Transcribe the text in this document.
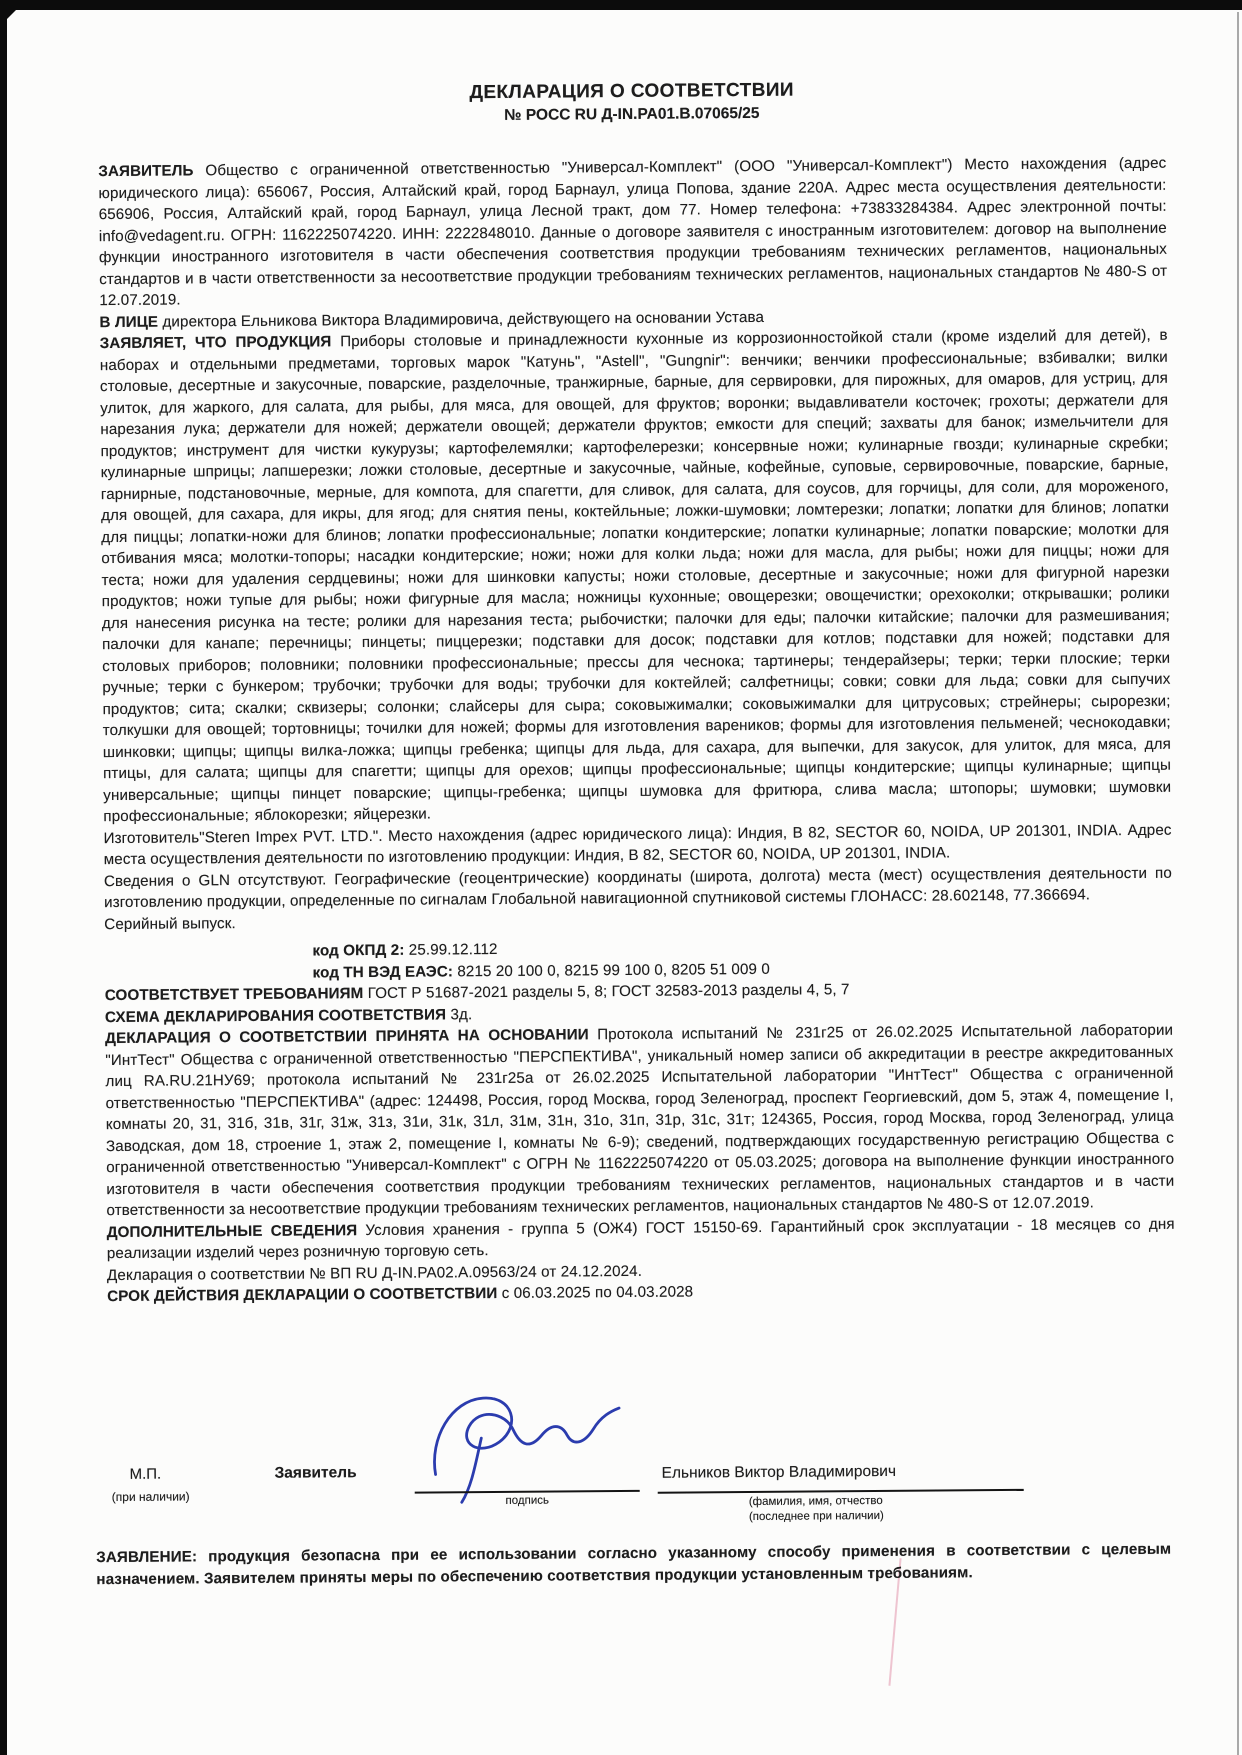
ДЕКЛАРАЦИЯ О СООТВЕТСТВИИ
№ РОСС RU Д-IN.PA01.B.07065/25

ЗАЯВИТЕЛЬ Общество с ограниченной ответственностью "Универсал-Комплект" (ООО "Универсал-Комплект") Место нахождения (адрес юридического лица): 656067, Россия, Алтайский край, город Барнаул, улица Попова, здание 220А. Адрес места осуществления деятельности: 656906, Россия, Алтайский край, город Барнаул, улица Лесной тракт, дом 77. Номер телефона: +73833284384. Адрес электронной почты: info@vedagent.ru. ОГРН: 1162225074220. ИНН: 2222848010. Данные о договоре заявителя с иностранным изготовителем: договор на выполнение функции иностранного изготовителя в части обеспечения соответствия продукции требованиям технических регламентов, национальных стандартов и в части ответственности за несоответствие продукции требованиям технических регламентов, национальных стандартов № 480-S от 12.07.2019.

В ЛИЦЕ директора Ельникова Виктора Владимировича, действующего на основании Устава

ЗАЯВЛЯЕТ, ЧТО ПРОДУКЦИЯ Приборы столовые и принадлежности кухонные из коррозионностойкой стали (кроме изделий для детей), в наборах и отдельными предметами, торговых марок "Катунь", "Astell", "Gungnir": венчики; венчики профессиональные; взбивалки; вилки столовые, десертные и закусочные, поварские, разделочные, транжирные, барные, для сервировки, для пирожных, для омаров, для устриц, для улиток, для жаркого, для салата, для рыбы, для мяса, для овощей, для фруктов; воронки; выдавливатели косточек; грохоты; держатели для нарезания лука; держатели для ножей; держатели овощей; держатели фруктов; емкости для специй; захваты для банок; измельчители для продуктов; инструмент для чистки кукурузы; картофелемялки; картофелерезки; консервные ножи; кулинарные гвозди; кулинарные скребки; кулинарные шприцы; лапшерезки; ложки столовые, десертные и закусочные, чайные, кофейные, суповые, сервировочные, поварские, барные, гарнирные, подстановочные, мерные, для компота, для спагетти, для сливок, для салата, для соусов, для горчицы, для соли, для мороженого, для овощей, для сахара, для икры, для ягод; для снятия пены, коктейльные; ложки-шумовки; ломтерезки; лопатки; лопатки для блинов; лопатки для пиццы; лопатки-ножи для блинов; лопатки профессиональные; лопатки кондитерские; лопатки кулинарные; лопатки поварские; молотки для отбивания мяса; молотки-топоры; насадки кондитерские; ножи; ножи для колки льда; ножи для масла, для рыбы; ножи для пиццы; ножи для теста; ножи для удаления сердцевины; ножи для шинковки капусты; ножи столовые, десертные и закусочные; ножи для фигурной нарезки продуктов; ножи тупые для рыбы; ножи фигурные для масла; ножницы кухонные; овощерезки; овощечистки; орехоколки; открывашки; ролики для нанесения рисунка на тесте; ролики для нарезания теста; рыбочистки; палочки для еды; палочки китайские; палочки для размешивания; палочки для канапе; перечницы; пинцеты; пиццерезки; подставки для досок; подставки для котлов; подставки для ножей; подставки для столовых приборов; половники; половники профессиональные; прессы для чеснока; тартинеры; тендерайзеры; терки; терки плоские; терки ручные; терки с бункером; трубочки; трубочки для воды; трубочки для коктейлей; салфетницы; совки; совки для льда; совки для сыпучих продуктов; сита; скалки; сквизеры; солонки; слайсеры для сыра; соковыжималки; соковыжималки для цитрусовых; стрейнеры; сырорезки; толкушки для овощей; тортовницы; точилки для ножей; формы для изготовления вареников; формы для изготовления пельменей; чеснокодавки; шинковки; щипцы; щипцы вилка-ложка; щипцы гребенка; щипцы для льда, для сахара, для выпечки, для закусок, для улиток, для мяса, для птицы, для салата; щипцы для спагетти; щипцы для орехов; щипцы профессиональные; щипцы кондитерские; щипцы кулинарные; щипцы универсальные; щипцы пинцет поварские; щипцы-гребенка; щипцы шумовка для фритюра, слива масла; штопоры; шумовки; шумовки профессиональные; яблокорезки; яйцерезки.

Изготовитель"Steren Impex PVT. LTD.". Место нахождения (адрес юридического лица): Индия, B 82, SECTOR 60, NOIDA, UP 201301, INDIA. Адрес места осуществления деятельности по изготовлению продукции: Индия, B 82, SECTOR 60, NOIDA, UP 201301, INDIA.

Сведения о GLN отсутствуют. Географические (геоцентрические) координаты (широта, долгота) места (мест) осуществления деятельности по изготовлению продукции, определенные по сигналам Глобальной навигационной спутниковой системы ГЛОНАСС: 28.602148, 77.366694.

Серийный выпуск.

код ОКПД 2: 25.99.12.112

код ТН ВЭД ЕАЭС: 8215 20 100 0, 8215 99 100 0, 8205 51 009 0

СООТВЕТСТВУЕТ ТРЕБОВАНИЯМ ГОСТ Р 51687-2021 разделы 5, 8; ГОСТ 32583-2013 разделы 4, 5, 7

СХЕМА ДЕКЛАРИРОВАНИЯ СООТВЕТСТВИЯ 3д.

ДЕКЛАРАЦИЯ О СООТВЕТСТВИИ ПРИНЯТА НА ОСНОВАНИИ Протокола испытаний № 231г25 от 26.02.2025 Испытательной лаборатории "ИнтТест" Общества с ограниченной ответственностью "ПЕРСПЕКТИВА", уникальный номер записи об аккредитации в реестре аккредитованных лиц RA.RU.21НУ69; протокола испытаний № 231г25а от 26.02.2025 Испытательной лаборатории "ИнтТест" Общества с ограниченной ответственностью "ПЕРСПЕКТИВА" (адрес: 124498, Россия, город Москва, город Зеленоград, проспект Георгиевский, дом 5, этаж 4, помещение I, комнаты 20, 31, 31б, 31в, 31г, 31ж, 31з, 31и, 31к, 31л, 31м, 31н, 31о, 31п, 31р, 31с, 31т; 124365, Россия, город Москва, город Зеленоград, улица Заводская, дом 18, строение 1, этаж 2, помещение I, комнаты № 6-9); сведений, подтверждающих государственную регистрацию Общества с ограниченной ответственностью "Универсал-Комплект" с ОГРН № 1162225074220 от 05.03.2025; договора на выполнение функции иностранного изготовителя в части обеспечения соответствия продукции требованиям технических регламентов, национальных стандартов и в части ответственности за несоответствие продукции требованиям технических регламентов, национальных стандартов № 480-S от 12.07.2019.

ДОПОЛНИТЕЛЬНЫЕ СВЕДЕНИЯ Условия хранения - группа 5 (ОЖ4) ГОСТ 15150-69. Гарантийный срок эксплуатации - 18 месяцев со дня реализации изделий через розничную торговую сеть.

Декларация о соответствии № ВП RU Д-IN.PA02.A.09563/24 от 24.12.2024.

СРОК ДЕЙСТВИЯ ДЕКЛАРАЦИИ О СООТВЕТСТВИИ с 06.03.2025 по 04.03.2028

М.П.
(при наличии)
Заявитель
подпись
Ельников Виктор Владимирович
(фамилия, имя, отчество
(последнее при наличии)

ЗАЯВЛЕНИЕ: продукция безопасна при ее использовании согласно указанному способу применения в соответствии с целевым назначением. Заявителем приняты меры по обеспечению соответствия продукции установленным требованиям.
